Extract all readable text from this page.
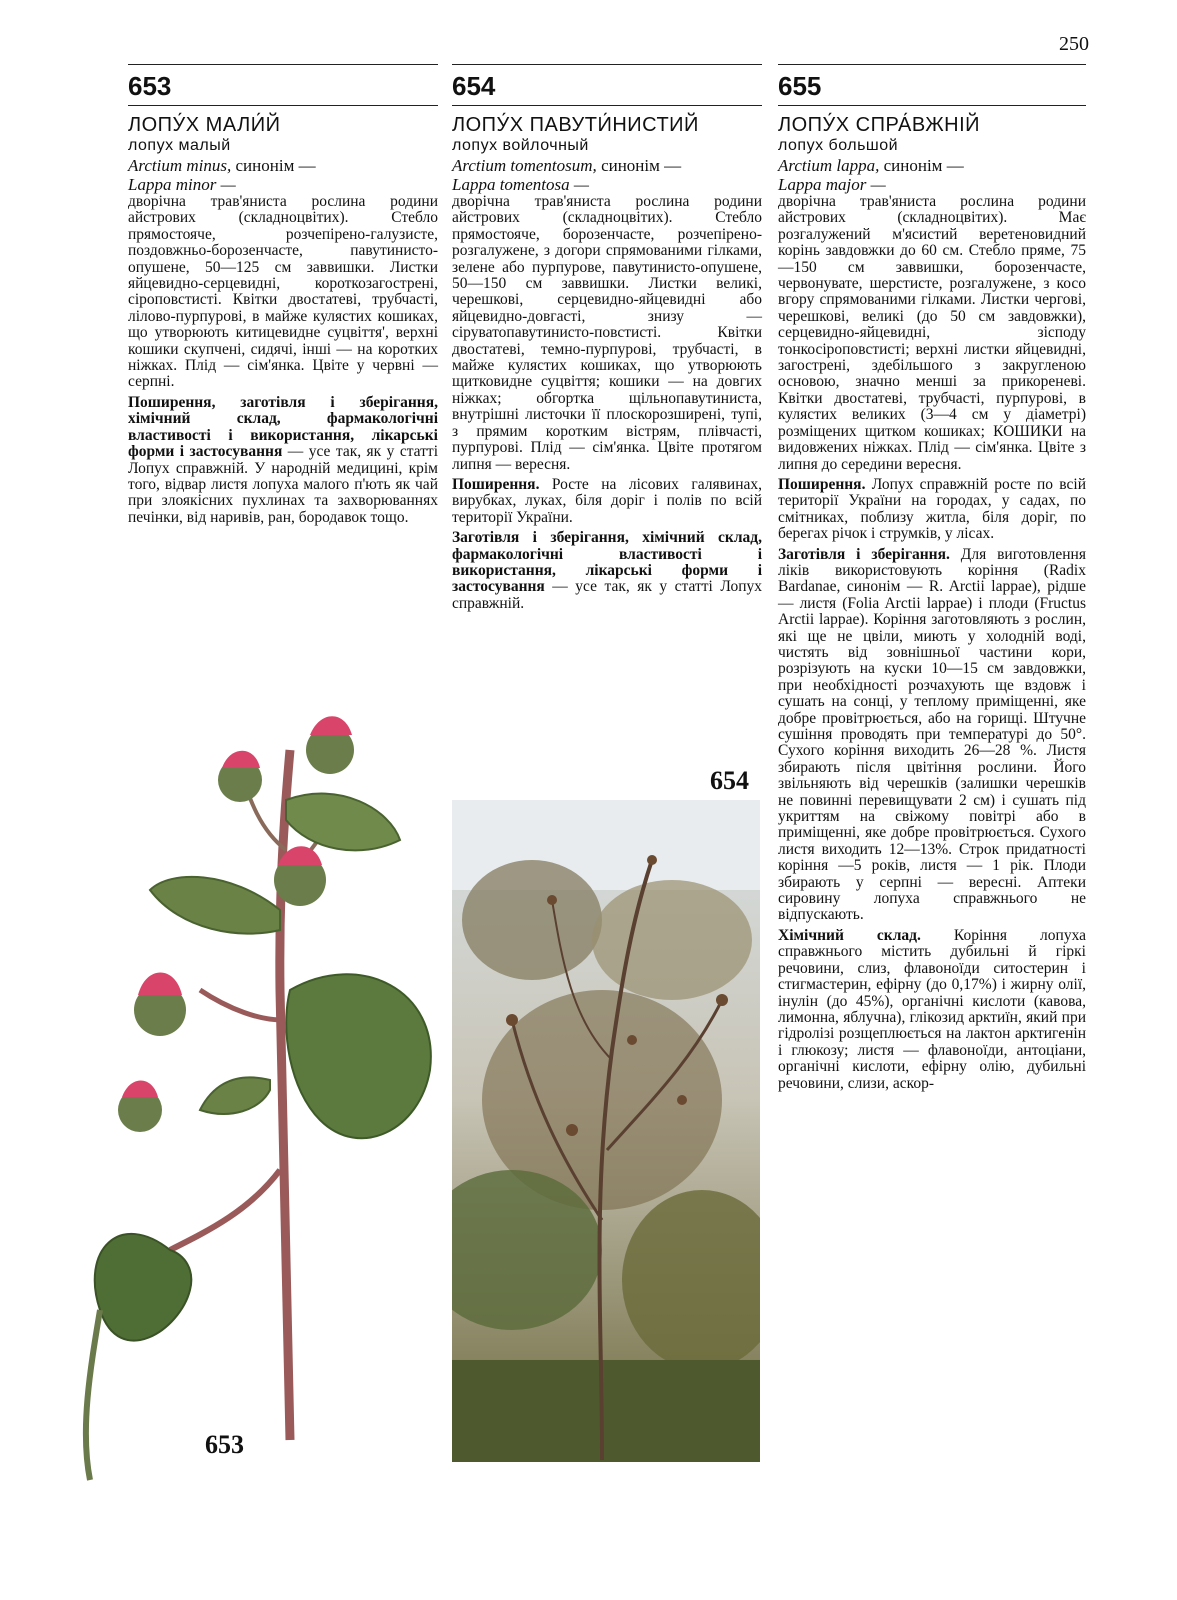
250
653
ЛОПУ́Х МАЛИ́Й
лопух малый
Arctium minus, синонім —
Lappa minor —

дворічна трав'яниста рослина родини айстрових (складноцвітих). Стебло прямостояче, розчепірено-галузисте, поздовжньо-борозенчасте, павутинисто-опушене, 50—125 см заввишки. Листки яйцевидно-серцевидні, короткозагострені, сіроповстисті. Квітки двостатеві, трубчасті, лілово-пурпурові, в майже кулястих кошиках, що утворюють китицевидне суцвіття', верхні кошики скупчені, сидячі, інші — на коротких ніжках. Плід — сім'янка. Цвіте у червні — серпні.

Поширення, заготівля і зберігання, хімічний склад, фармакологічні властивості і використання, лікарські форми і застосування — усе так, як у статті Лопух справжній. У народній медицині, крім того, відвар листя лопуха малого п'ють як чай при злоякісних пухлинах та захворюваннях печінки, від наривів, ран, бородавок тощо.

654
ЛОПУ́Х ПАВУТИ́НИСТИЙ
лопух войлочный
Arctium tomentosum, синонім —
Lappa tomentosa —

дворічна трав'яниста рослина родини айстрових (складноцвітих). Стебло прямостояче, борозенчасте, розчепірено-розгалужене, з догори спрямованими гілками, зелене або пурпурове, павутинисто-опушене, 50—150 см заввишки. Листки великі, черешкові, серцевидно-яйцевидні або яйцевидно-довгасті, знизу — сіруватопавутинисто-повстисті. Квітки двостатеві, темно-пурпурові, трубчасті, в майже кулястих кошиках, що утворюють щитковидне суцвіття; кошики — на довгих ніжках; обгортка щільнопавутиниста, внутрішні листочки її плоскорозширені, тупі, з прямим коротким вістрям, плівчасті, пурпурові. Плід — сім'янка. Цвіте протягом липня — вересня.

Поширення. Росте на лісових галявинах, вирубках, луках, біля доріг і полів по всій території України.

Заготівля і зберігання, хімічний склад, фармакологічні властивості і використання, лікарські форми і застосування — усе так, як у статті Лопух справжній.

655
ЛОПУ́Х СПРА́ВЖНІЙ
лопух большой
Arctium lappa, синонім —
Lappa major —

дворічна трав'яниста рослина родини айстрових (складноцвітих). Має розгалужений м'ясистий веретеновидний корінь завдовжки до 60 см. Стебло пряме, 75—150 см заввишки, борозенчасте, червонувате, шерстисте, розгалужене, з косо вгору спрямованими гілками. Листки чергові, черешкові, великі (до 50 см завдовжки), серцевидно-яйцевидні, зісподу тонкосіроповстисті; верхні листки яйцевидні, загострені, здебільшого з закругленою основою, значно менші за прикореневі. Квітки двостатеві, трубчасті, пурпурові, в кулястих великих (3—4 см у діаметрі) розміщених щитком кошиках; КОШИКИ на видовжених ніжках. Плід — сім'янка. Цвіте з липня до середини вересня.

Поширення. Лопух справжній росте по всій території України на городах, у садах, по смітниках, поблизу житла, біля доріг, по берегах річок і струмків, у лісах.

Заготівля і зберігання. Для виготовлення ліків використовують коріння (Radix Bardanae, синонім — R. Arctii lappae), рідше — листя (Folia Arctii lappae) і плоди (Fructus Arctii lappae). Коріння заготовляють з рослин, які ще не цвіли, миють у холодній воді, чистять від зовнішньої частини кори, розрізують на куски 10—15 см завдовжки, при необхідності розчахують ще вздовж і сушать на сонці, у теплому приміщенні, яке добре провітрюється, або на горищі. Штучне сушіння проводять при температурі до 50°. Сухого коріння виходить 26—28 %. Листя збирають після цвітіння рослини. Його звільняють від черешків (залишки черешків не повинні перевищувати 2 см) і сушать під укриттям на свіжому повітрі або в приміщенні, яке добре провітрюється. Сухого листя виходить 12—13%. Строк придатності коріння —5 років, листя — 1 рік. Плоди збирають у серпні — вересні. Аптеки сировину лопуха справжнього не відпускають.

Хімічний склад. Коріння лопуха справжнього містить дубильні й гіркі речовини, слиз, флавоноїди ситостерин і стигмастерин, ефірну (до 0,17%) і жирну олії, інулін (до 45%), органічні кислоти (кавова, лимонна, яблучна), глікозид арктиїн, який при гідролізі розщеплюється на лактон арктигенін і глюкозу; листя — флавоноїди, антоціани, органічні кислоти, ефірну олію, дубильні речовини, слизи, аскор-

653
654
